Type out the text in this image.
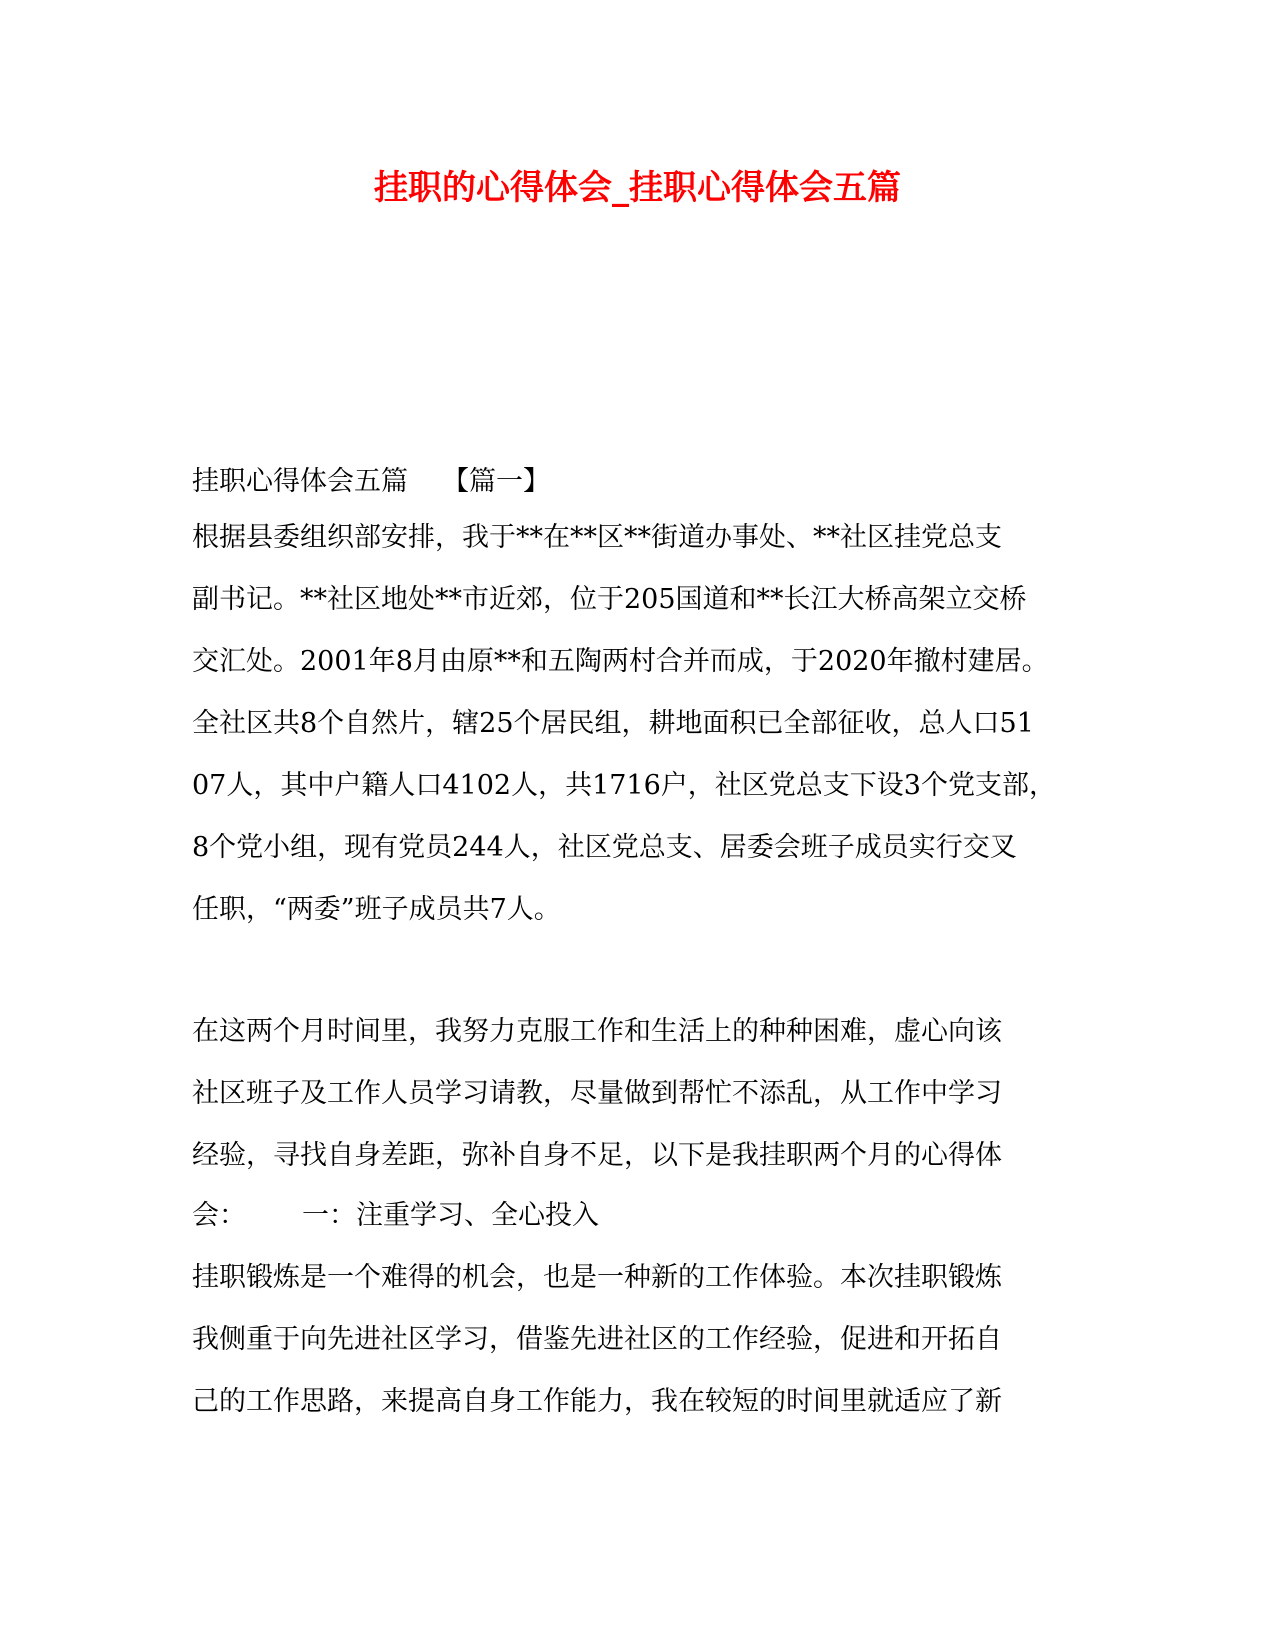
挂职的心得体会_挂职心得体会五篇
挂职心得体会五篇 【篇一】
根据县委组织部安排，我于**在**区**街道办事处、**社区挂党总支
副书记。**社区地处**市近郊，位于205国道和**长江大桥高架立交桥
交汇处。2001年8月由原**和五陶两村合并而成，于2020年撤村建居。
全社区共8个自然片，辖25个居民组，耕地面积已全部征收，总人口51
07人，其中户籍人口4102人，共1716户，社区党总支下设3个党支部，
8个党小组，现有党员244人，社区党总支、居委会班子成员实行交叉
任职，“两委”班子成员共7人。
在这两个月时间里，我努力克服工作和生活上的种种困难，虚心向该
社区班子及工作人员学习请教，尽量做到帮忙不添乱，从工作中学习
经验，寻找自身差距，弥补自身不足，以下是我挂职两个月的心得体
会： 一：注重学习、全心投入
挂职锻炼是一个难得的机会，也是一种新的工作体验。本次挂职锻炼
我侧重于向先进社区学习，借鉴先进社区的工作经验，促进和开拓自
己的工作思路，来提高自身工作能力，我在较短的时间里就适应了新
